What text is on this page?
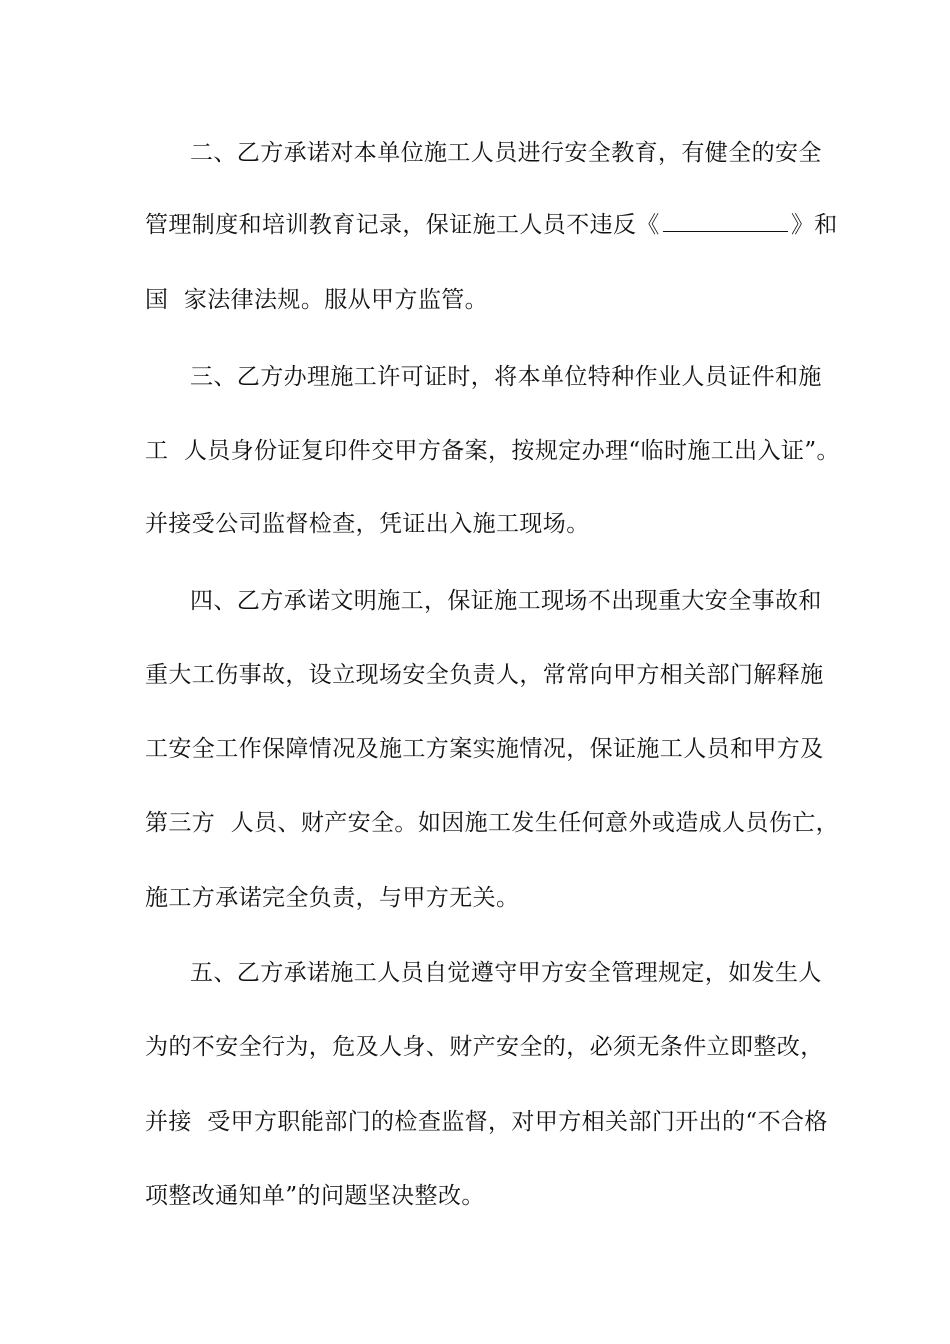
二、乙方承诺对本单位施工人员进行安全教育，有健全的安全
管理制度和培训教育记录，保证施工人员不违反《	》和
国  家法律法规。服从甲方监管。
三、乙方办理施工许可证时，将本单位特种作业人员证件和施
工  人员身份证复印件交甲方备案，按规定办理“临时施工出入证”。
并接受公司监督检查，凭证出入施工现场。
四、乙方承诺文明施工，保证施工现场不出现重大安全事故和
重大工伤事故，设立现场安全负责人，常常向甲方相关部门解释施
工安全工作保障情况及施工方案实施情况，保证施工人员和甲方及
第三方  人员、财产安全。如因施工发生任何意外或造成人员伤亡，
施工方承诺完全负责，与甲方无关。
五、乙方承诺施工人员自觉遵守甲方安全管理规定，如发生人
为的不安全行为，危及人身、财产安全的，必须无条件立即整改，
并接  受甲方职能部门的检查监督，对甲方相关部门开出的“不合格
项整改通知单”的问题坚决整改。
